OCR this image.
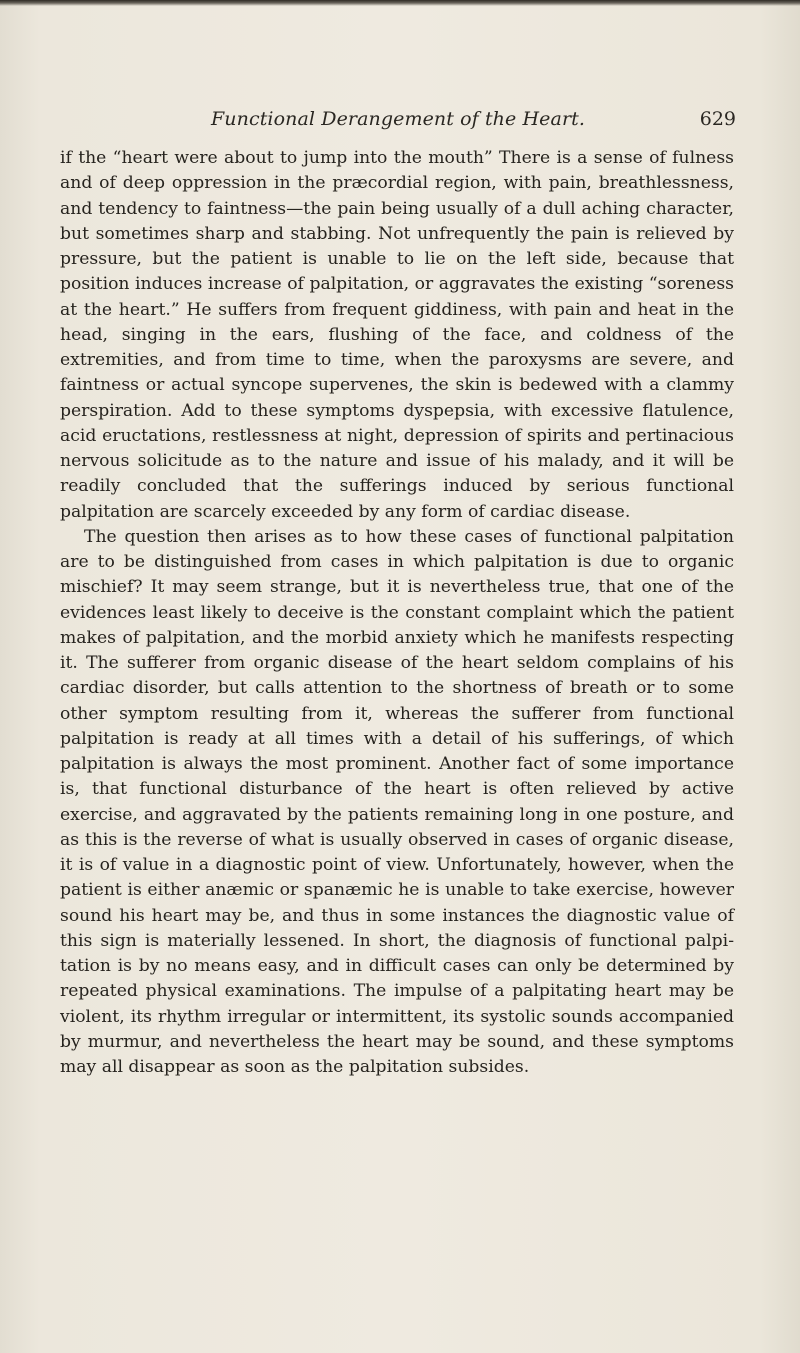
Functional Derangement of the Heart.	629

if the “heart were about to jump into the mouth” There is a sense of fulness and of deep oppression in the præcordial region, with pain, breathlessness, and tendency to faintness—the pain being usually of a dull aching character, but sometimes sharp and stabbing. Not unfrequently the pain is relieved by pressure, but the patient is unable to lie on the left side, because that position induces increase of palpitation, or aggravates the existing “soreness at the heart.” He suffers from frequent giddiness, with pain and heat in the head, singing in the ears, flushing of the face, and coldness of the extremities, and from time to time, when the paroxysms are severe, and faintness or actual syncope supervenes, the skin is bedewed with a clammy perspiration. Add to these symptoms dyspepsia, with excessive flatulence, acid eructations, restlessness at night, depression of spirits and pertinacious nervous solicitude as to the nature and issue of his malady, and it will be readily concluded that the sufferings induced by serious functional palpitation are scarcely exceeded by any form of cardiac disease.

The question then arises as to how these cases of functional palpitation are to be distinguished from cases in which palpitation is due to organic mischief? It may seem strange, but it is nevertheless true, that one of the evidences least likely to deceive is the constant complaint which the patient makes of palpitation, and the morbid anxiety which he manifests respecting it. The sufferer from organic disease of the heart seldom complains of his cardiac disorder, but calls attention to the shortness of breath or to some other symptom resulting from it, whereas the sufferer from functional palpitation is ready at all times with a detail of his sufferings, of which palpitation is always the most prominent. Another fact of some importance is, that functional disturbance of the heart is often relieved by active exercise, and aggravated by the patients remaining long in one posture, and as this is the reverse of what is usually observed in cases of organic disease, it is of value in a diagnostic point of view. Unfortunately, however, when the patient is either anæmic or spanæmic he is unable to take exercise, however sound his heart may be, and thus in some instances the diagnostic value of this sign is materially lessened. In short, the diagnosis of functional palpitation is by no means easy, and in difficult cases can only be determined by repeated physical examinations. The impulse of a palpitating heart may be violent, its rhythm irregular or intermittent, its systolic sounds accompanied by murmur, and nevertheless the heart may be sound, and these symptoms may all disappear as soon as the palpitation subsides.
